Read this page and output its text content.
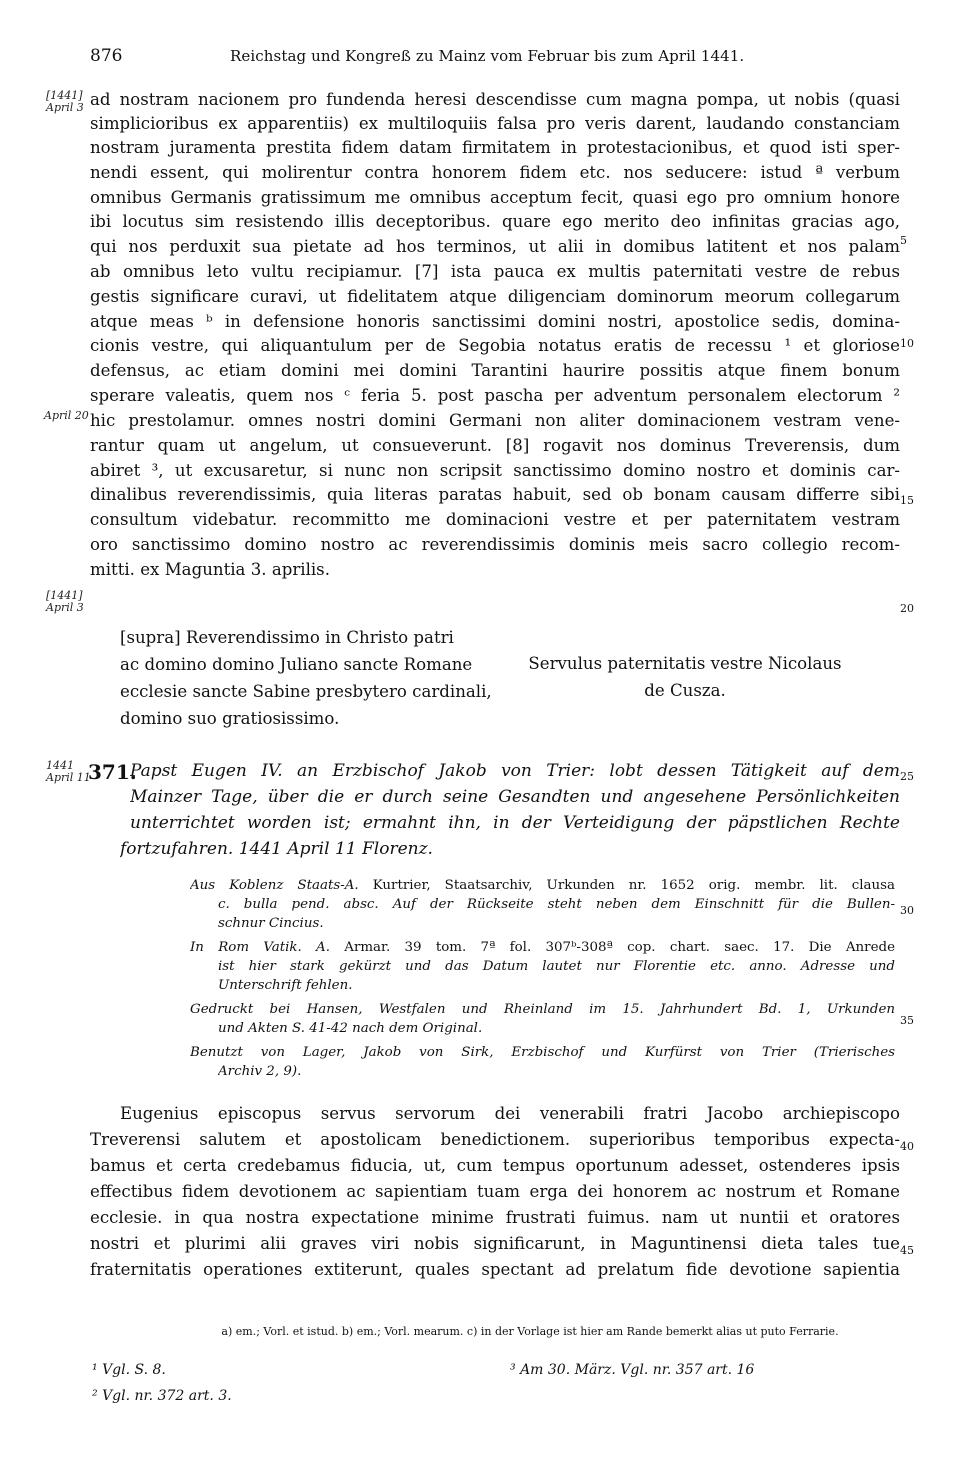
876	Reichstag und Kongreß zu Mainz vom Februar bis zum April 1441.
[1441]
April 3
April 20
[1441]
April 3
1441
April 11
5
10
15
20
25
30
35
40
45
ad nostram nacionem pro fundenda heresi descendisse cum magna pompa, ut nobis (quasi
simplicioribus ex apparentiis) ex multiloquiis falsa pro veris darent, laudando constanciam
nostram juramenta prestita fidem datam firmitatem in protestacionibus, et quod isti sper-
nendi essent, qui molirentur contra honorem fidem etc. nos seducere: istud ª verbum
omnibus Germanis gratissimum me omnibus acceptum fecit, quasi ego pro omnium honore
ibi locutus sim resistendo illis deceptoribus. quare ego merito deo infinitas gracias ago,
qui nos perduxit sua pietate ad hos terminos, ut alii in domibus latitent et nos palam
ab omnibus leto vultu recipiamur. [7] ista pauca ex multis paternitati vestre de rebus
gestis significare curavi, ut fidelitatem atque diligenciam dominorum meorum collegarum
atque meas ᵇ in defensione honoris sanctissimi domini nostri, apostolice sedis, domina-
cionis vestre, qui aliquantulum per de Segobia notatus eratis de recessu ¹ et gloriose
defensus, ac etiam domini mei domini Tarantini haurire possitis atque finem bonum
sperare valeatis, quem nos ᶜ feria 5. post pascha per adventum personalem electorum ²
hic prestolamur. omnes nostri domini Germani non aliter dominacionem vestram vene-
rantur quam ut angelum, ut consueverunt. [8] rogavit nos dominus Treverensis, dum
abiret ³, ut excusaretur, si nunc non scripsit sanctissimo domino nostro et dominis car-
dinalibus reverendissimis, quia literas paratas habuit, sed ob bonam causam differre sibi
consultum videbatur. recommitto me dominacioni vestre et per paternitatem vestram
oro sanctissimo domino nostro ac reverendissimis dominis meis sacro collegio recom-
mitti. ex Maguntia 3. aprilis.
[supra] Reverendissimo in Christo patri
ac domino domino Juliano sancte Romane
ecclesie sancte Sabine presbytero cardinali,
domino suo gratiosissimo.
Servulus paternitatis vestre Nicolaus
de Cusza.
371.
Papst Eugen IV. an Erzbischof Jakob von Trier: lobt dessen Tätigkeit auf dem
Mainzer Tage, über die er durch seine Gesandten und angesehene Persönlichkeiten
unterrichtet worden ist; ermahnt ihn, in der Verteidigung der päpstlichen Rechte
fortzufahren. 1441 April 11 Florenz.
Aus Koblenz Staats-A. Kurtrier, Staatsarchiv, Urkunden nr. 1652 orig. membr. lit. clausa
c. bulla pend. absc. Auf der Rückseite steht neben dem Einschnitt für die Bullen-
schnur Cincius.
In Rom Vatik. A. Armar. 39 tom. 7ª fol. 307ᵇ-308ª cop. chart. saec. 17. Die Anrede
ist hier stark gekürzt und das Datum lautet nur Florentie etc. anno. Adresse und
Unterschrift fehlen.
Gedruckt bei Hansen, Westfalen und Rheinland im 15. Jahrhundert Bd. 1, Urkunden
und Akten S. 41-42 nach dem Original.
Benutzt von Lager, Jakob von Sirk, Erzbischof und Kurfürst von Trier (Trierisches
Archiv 2, 9).
Eugenius episcopus servus servorum dei venerabili fratri Jacobo archiepiscopo
Treverensi salutem et apostolicam benedictionem. superioribus temporibus expecta-
bamus et certa credebamus fiducia, ut, cum tempus oportunum adesset, ostenderes ipsis
effectibus fidem devotionem ac sapientiam tuam erga dei honorem ac nostrum et Romane
ecclesie. in qua nostra expectatione minime frustrati fuimus. nam ut nuntii et oratores
nostri et plurimi alii graves viri nobis significarunt, in Maguntinensi dieta tales tue
fraternitatis operationes extiterunt, quales spectant ad prelatum fide devotione sapientia
a) em.; Vorl. et istud. b) em.; Vorl. mearum. c) in der Vorlage ist hier am Rande bemerkt alias ut puto Ferrarie.
¹ Vgl. S. 8.
² Vgl. nr. 372 art. 3.
³ Am 30. März. Vgl. nr. 357 art. 16
